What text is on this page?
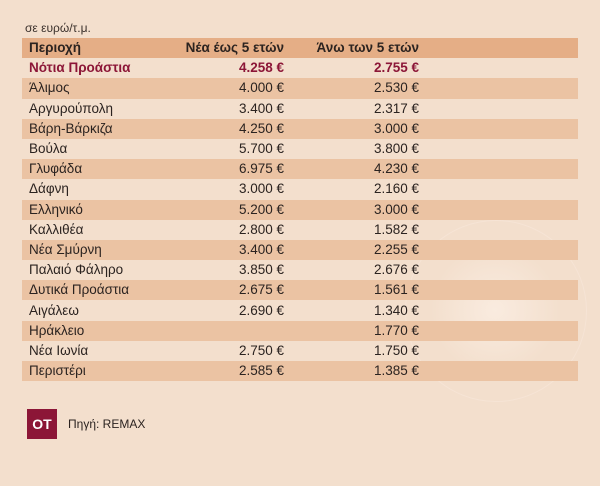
σε ευρώ/τ.μ.
Περιοχή	Νέα έως 5 ετών	Άνω των 5 ετών	
Νότια Προάστια	4.258 €	2.755 €	
Άλιμος	4.000 €	2.530 €	
Αργυρούπολη	3.400 €	2.317 €	
Βάρη-Βάρκιζα	4.250 €	3.000 €	
Βούλα	5.700 €	3.800 €	
Γλυφάδα	6.975 €	4.230 €	
Δάφνη	3.000 €	2.160 €	
Ελληνικό	5.200 €	3.000 €	
Καλλιθέα	2.800 €	1.582 €	
Νέα Σμύρνη	3.400 €	2.255 €	
Παλαιό Φάληρο	3.850 €	2.676 €	
Δυτικά Προάστια	2.675 €	1.561 €	
Αιγάλεω	2.690 €	1.340 €	
Ηράκλειο		1.770 €	
Νέα Ιωνία	2.750 €	1.750 €	
Περιστέρι	2.585 €	1.385 €	
OT	Πηγή: REMAX
